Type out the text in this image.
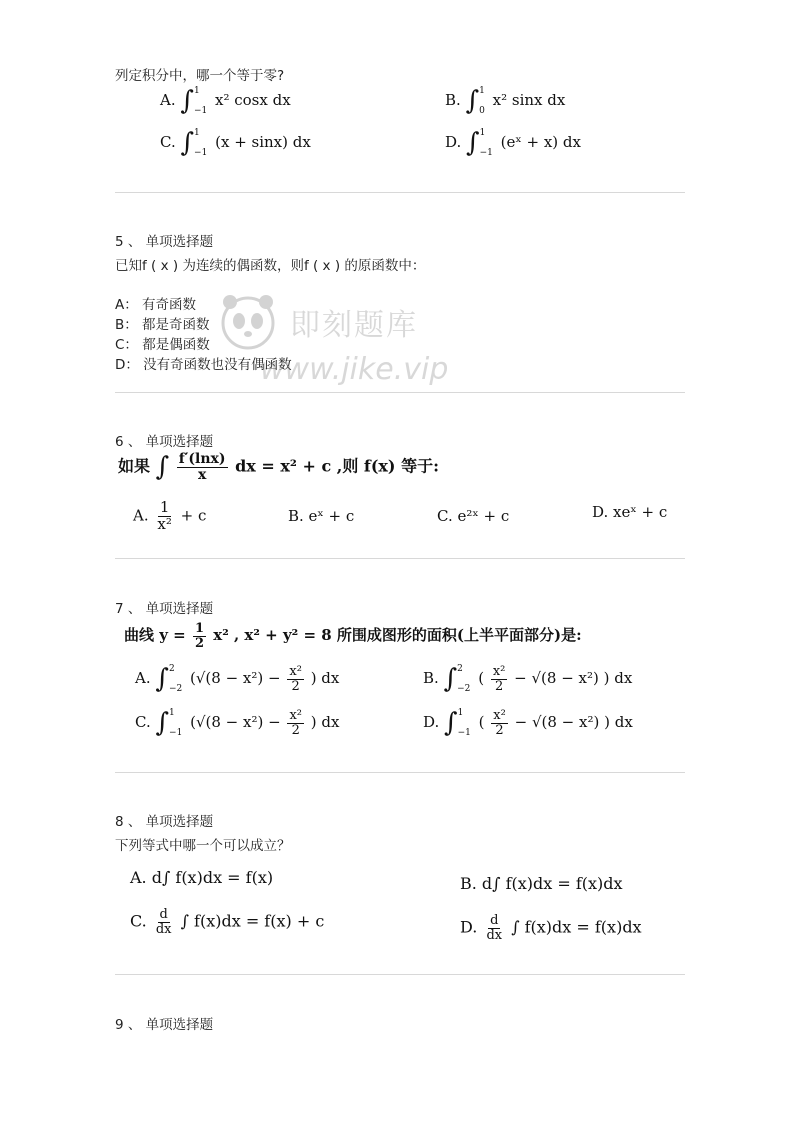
列定积分中，哪一个等于零?
A. ∫ 1
−1
x² cosx dx	B. ∫ 1
0
x² sinx dx
C. ∫ 1
−1
(x + sinx) dx	D. ∫ 1
−1
(eˣ + x) dx
5 、 单项选择题
已知f ( x ) 为连续的偶函数，则f ( x ) 的原函数中：
A： 有奇函数
B： 都是奇函数
C： 都是偶函数
D： 没有奇函数也没有偶函数
即刻题库
www.jike.vip
6 、 单项选择题
如果 ∫ $\frac{f'(\ln x)}{x}$ dx = x² + c ,则 f(x) 等于:
A. $\frac{1}{\text{x²}} + c$	B. eˣ + c	C. e²ˣ + c	D. xeˣ + c
7 、 单项选择题
曲线 $y = \frac{1}{2} x^2$ , x² + y² = 8 所围成图形的面积(上半平面部分)是:
A. ∫ 2
−2
($√(8 - x^2) - \frac{\text{x²}}{2}$ ) dx	B. ∫ 2
−2
( $\frac{\text{x²}}{2} - √(8 - x^2)$ ) dx
C. ∫ 1
−1
($√(8 - x^2) - \frac{\text{x²}}{2}$ ) dx	D. ∫ 1
−1
( $\frac{\text{x²}}{2} - √(8 - x^2)$ ) dx
8 、 单项选择题
下列等式中哪一个可以成立？
A. d∫ f(x)dx = f(x)	B. d∫ f(x)dx = f(x)dx
C. $\frac{d}{dx}$ ∫ f(x)dx = f(x) + c	D. $\frac{d}{dx}$ ∫ f(x)dx = f(x)dx
9 、 单项选择题
